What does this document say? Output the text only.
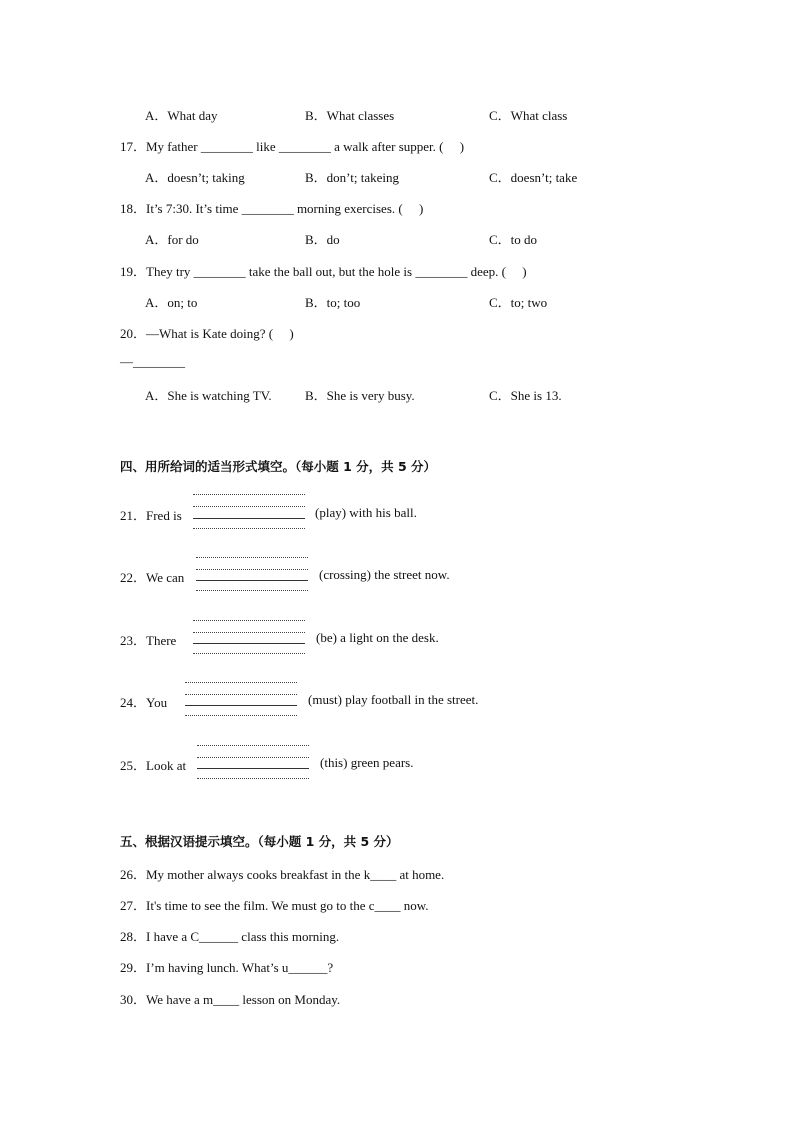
A．What day	B．What classes	C．What class
17．My father ________ like ________ a walk after supper. (　 )
A．doesn’t; taking	B．don’t; takeing	C．doesn’t; take
18．It’s 7:30. It’s time ________ morning exercises. (　 )
A．for do	B．do	C．to do
19．They try ________ take the ball out, but the hole is ________ deep. (　 )
A．on; to	B．to; too	C．to; two
20．—What is Kate doing? (　 )
—________
A．She is watching TV.	B．She is very busy.	C．She is 13.
四、用所给词的适当形式填空。（每小题 1 分，共 5 分）
21．Fred is	(play) with his ball.
22．We can	(crossing) the street now.
23．There	(be) a light on the desk.
24．You	(must) play football in the street.
25．Look at	(this) green pears.
五、根据汉语提示填空。（每小题 1 分，共 5 分）
26．My mother always cooks breakfast in the k____ at home.
27．It's time to see the film. We must go to the c____ now.
28．I have a C______ class this morning.
29．I’m having lunch. What’s u______?
30．We have a m____ lesson on Monday.
